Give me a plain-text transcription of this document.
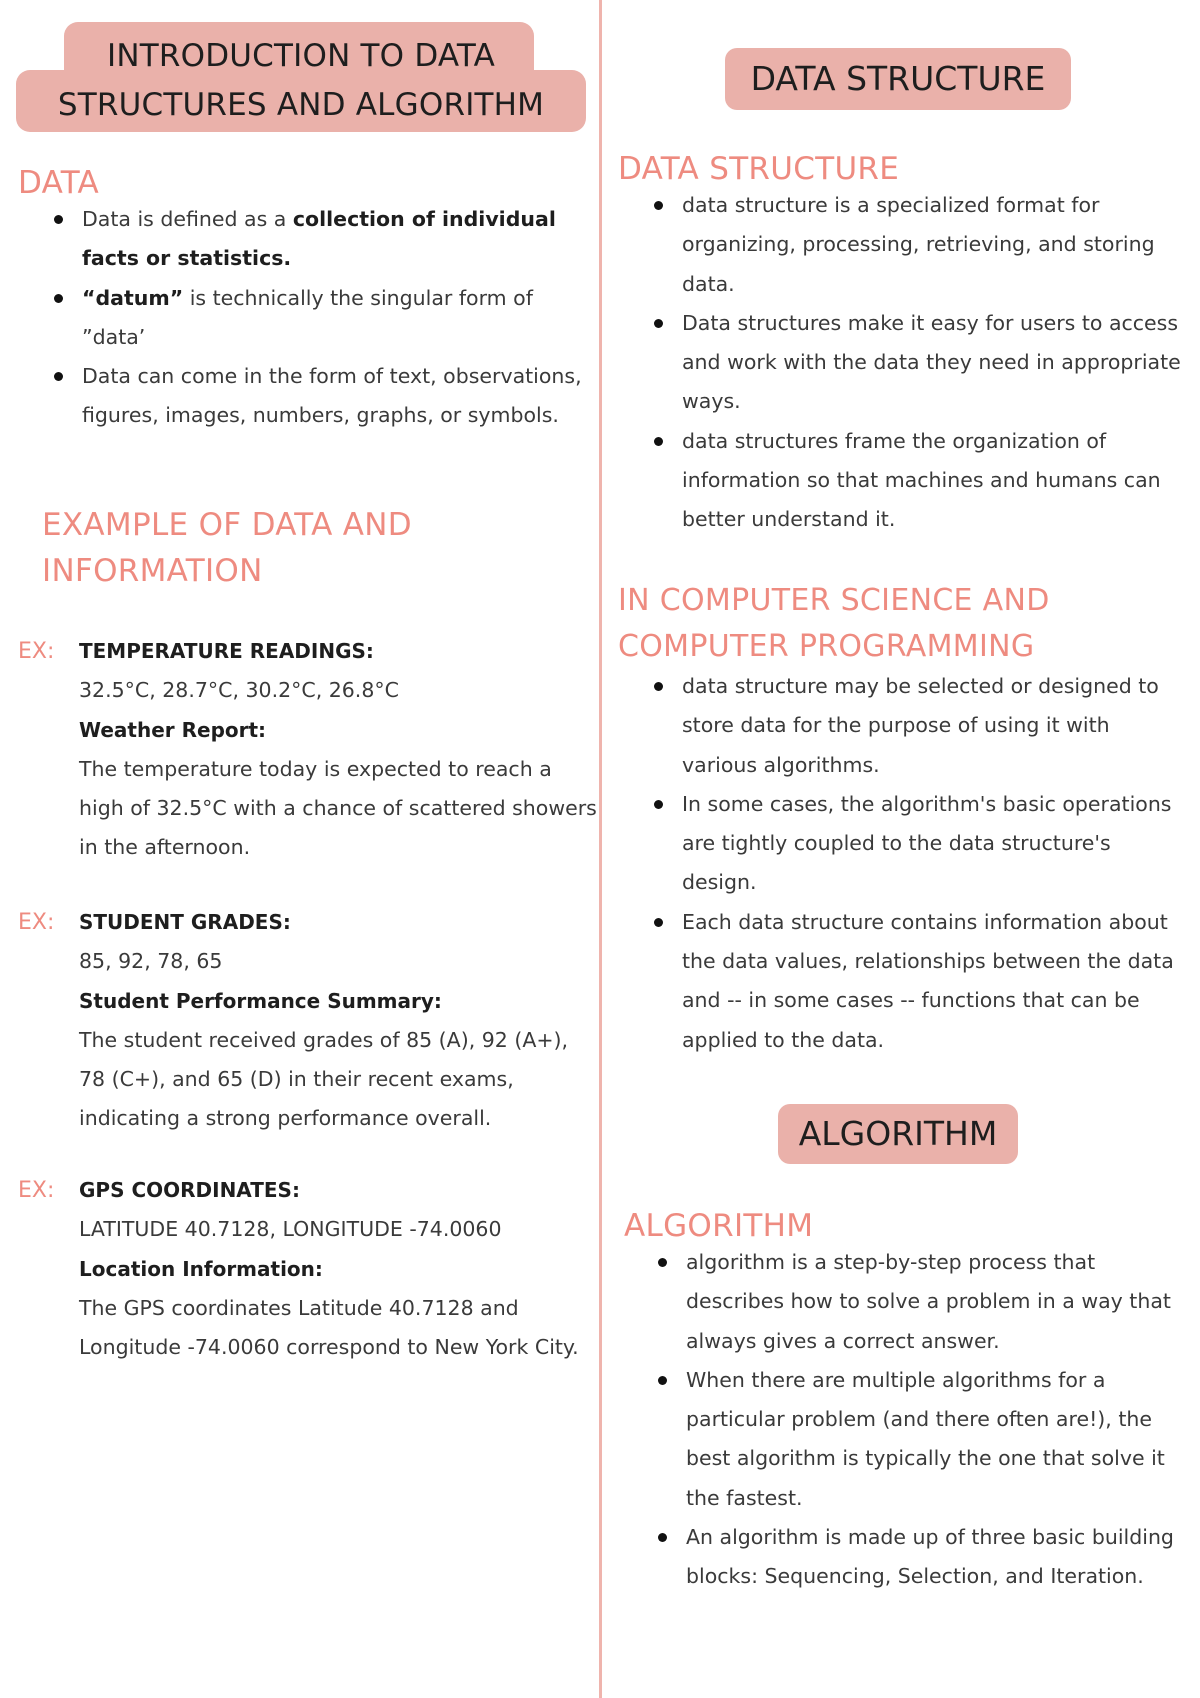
INTRODUCTION TO DATA
STRUCTURES AND ALGORITHM
DATA
Data is defined as a collection of individual facts or statistics.
“datum” is technically the singular form of ”data’
Data can come in the form of text, observations, figures, images, numbers, graphs, or symbols.
EXAMPLE OF DATA AND
INFORMATION
EX: TEMPERATURE READINGS:
32.5°C, 28.7°C, 30.2°C, 26.8°C
Weather Report:
The temperature today is expected to reach a high of 32.5°C with a chance of scattered showers in the afternoon.
EX: STUDENT GRADES:
85, 92, 78, 65
Student Performance Summary:
The student received grades of 85 (A), 92 (A+), 78 (C+), and 65 (D) in their recent exams, indicating a strong performance overall.
EX: GPS COORDINATES:
LATITUDE 40.7128, LONGITUDE -74.0060
Location Information:
The GPS coordinates Latitude 40.7128 and Longitude -74.0060 correspond to New York City.
DATA STRUCTURE
DATA STRUCTURE
data structure is a specialized format for organizing, processing, retrieving, and storing data.
Data structures make it easy for users to access and work with the data they need in appropriate ways.
data structures frame the organization of information so that machines and humans can better understand it.
IN COMPUTER SCIENCE AND
COMPUTER PROGRAMMING
data structure may be selected or designed to store data for the purpose of using it with various algorithms.
In some cases, the algorithm's basic operations are tightly coupled to the data structure's design.
Each data structure contains information about the data values, relationships between the data and -- in some cases -- functions that can be applied to the data.
ALGORITHM
ALGORITHM
algorithm is a step-by-step process that describes how to solve a problem in a way that always gives a correct answer.
When there are multiple algorithms for a particular problem (and there often are!), the best algorithm is typically the one that solve it the fastest.
An algorithm is made up of three basic building blocks: Sequencing, Selection, and Iteration.
